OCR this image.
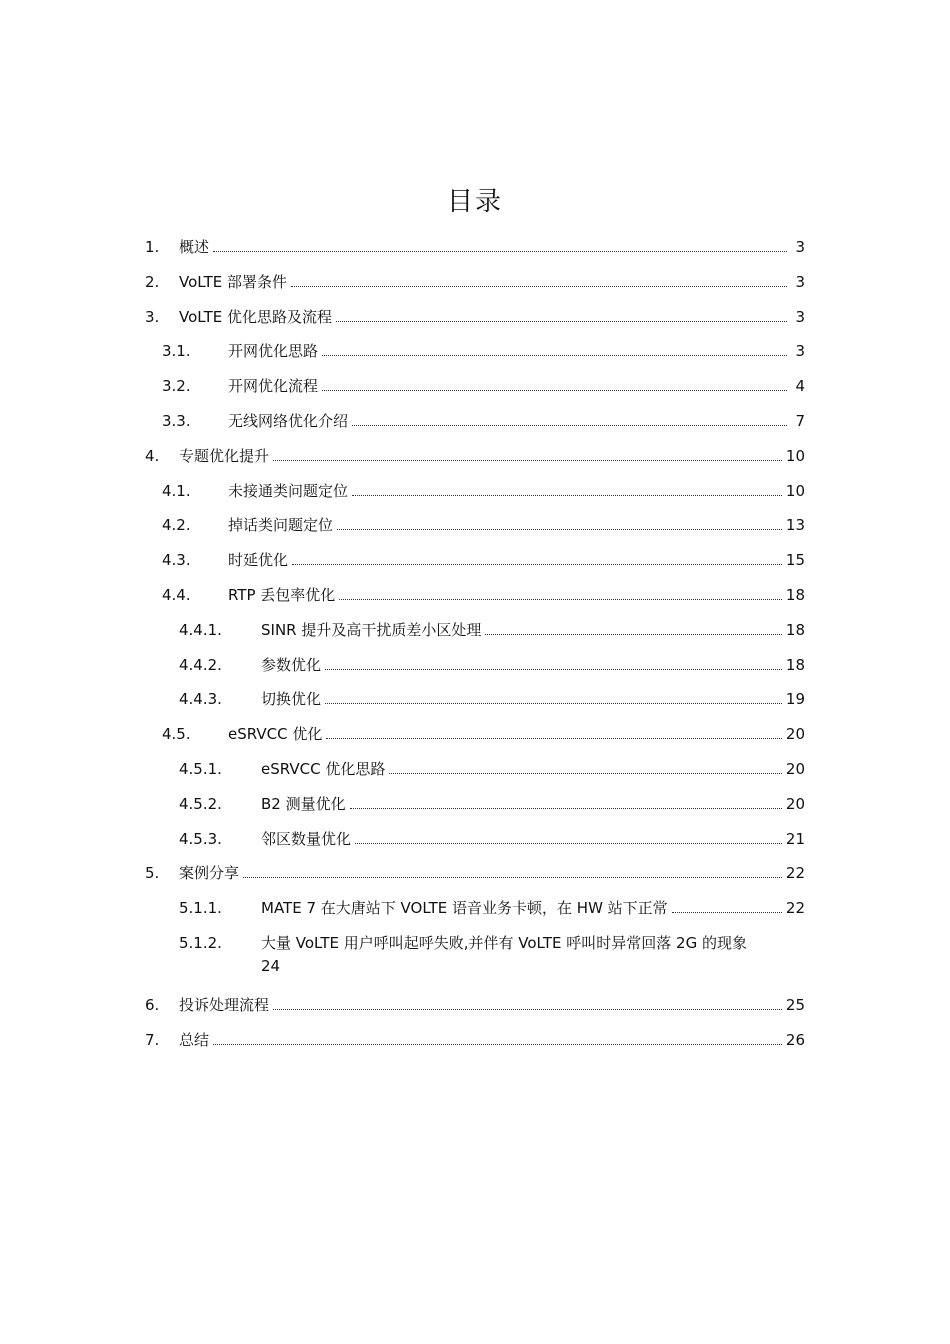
目录
1. 概述	3
2. VoLTE 部署条件	3
3. VoLTE 优化思路及流程	3
3.1. 开网优化思路	3
3.2. 开网优化流程	4
3.3. 无线网络优化介绍	7
4. 专题优化提升	10
4.1. 未接通类问题定位	10
4.2. 掉话类问题定位	13
4.3. 时延优化	15
4.4. RTP 丢包率优化	18
4.4.1.	SINR 提升及高干扰质差小区处理	18
4.4.2.	参数优化	18
4.4.3.	切换优化	19
4.5. eSRVCC 优化	20
4.5.1.	eSRVCC 优化思路	20
4.5.2.	B2 测量优化	20
4.5.3.	邻区数量优化	21
5. 案例分享	22
5.1.1.	MATE 7 在大唐站下 VOLTE 语音业务卡顿，在 HW 站下正常	22
5.1.2.	大量 VoLTE 用户呼叫起呼失败,并伴有 VoLTE 呼叫时异常回落 2G 的现象
24
6. 投诉处理流程	25
7. 总结	26
